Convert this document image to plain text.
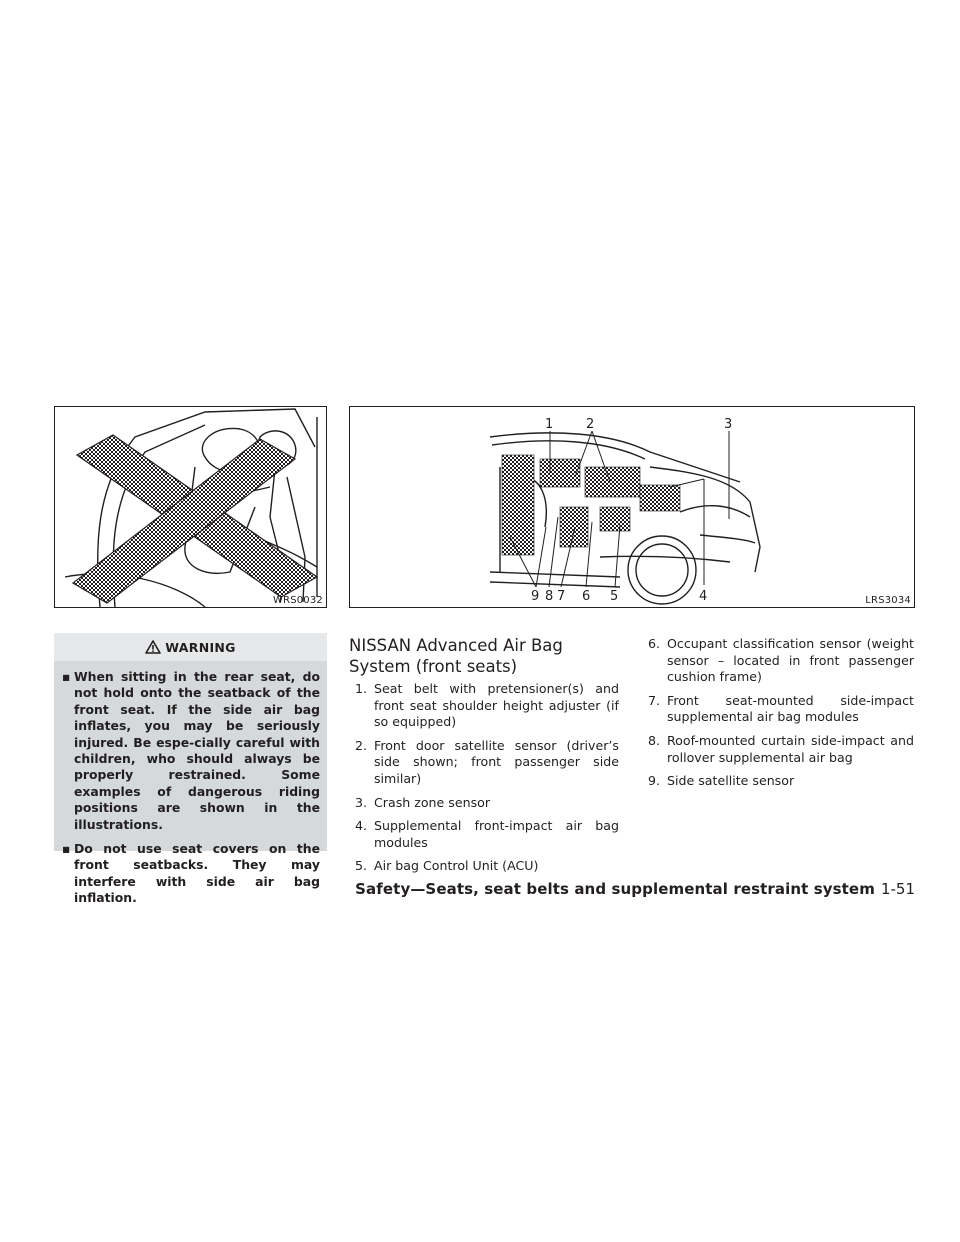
WRS0032
1	2	3
9 8 7 6 5	4	LRS3034
WARNING
▪ When sitting in the rear seat, do not hold onto the seatback of the front seat. If the side air bag inflates, you may be seriously injured. Be espe-cially careful with children, who should always be properly restrained. Some examples of dangerous riding positions are shown in the illustrations.
▪ Do not use seat covers on the front seatbacks. They may interfere with side air bag inflation.
NISSAN Advanced Air Bag System (front seats)
1. Seat belt with pretensioner(s) and front seat shoulder height adjuster (if so equipped)
2. Front door satellite sensor (driver’s side shown; front passenger side similar)
3. Crash zone sensor
4. Supplemental front-impact air bag modules
5. Air bag Control Unit (ACU)
6. Occupant classification sensor (weight sensor – located in front passenger cushion frame)
7. Front seat-mounted side-impact supplemental air bag modules
8. Roof-mounted curtain side-impact and rollover supplemental air bag
9. Side satellite sensor
Safety—Seats, seat belts and supplemental restraint system 1-51
